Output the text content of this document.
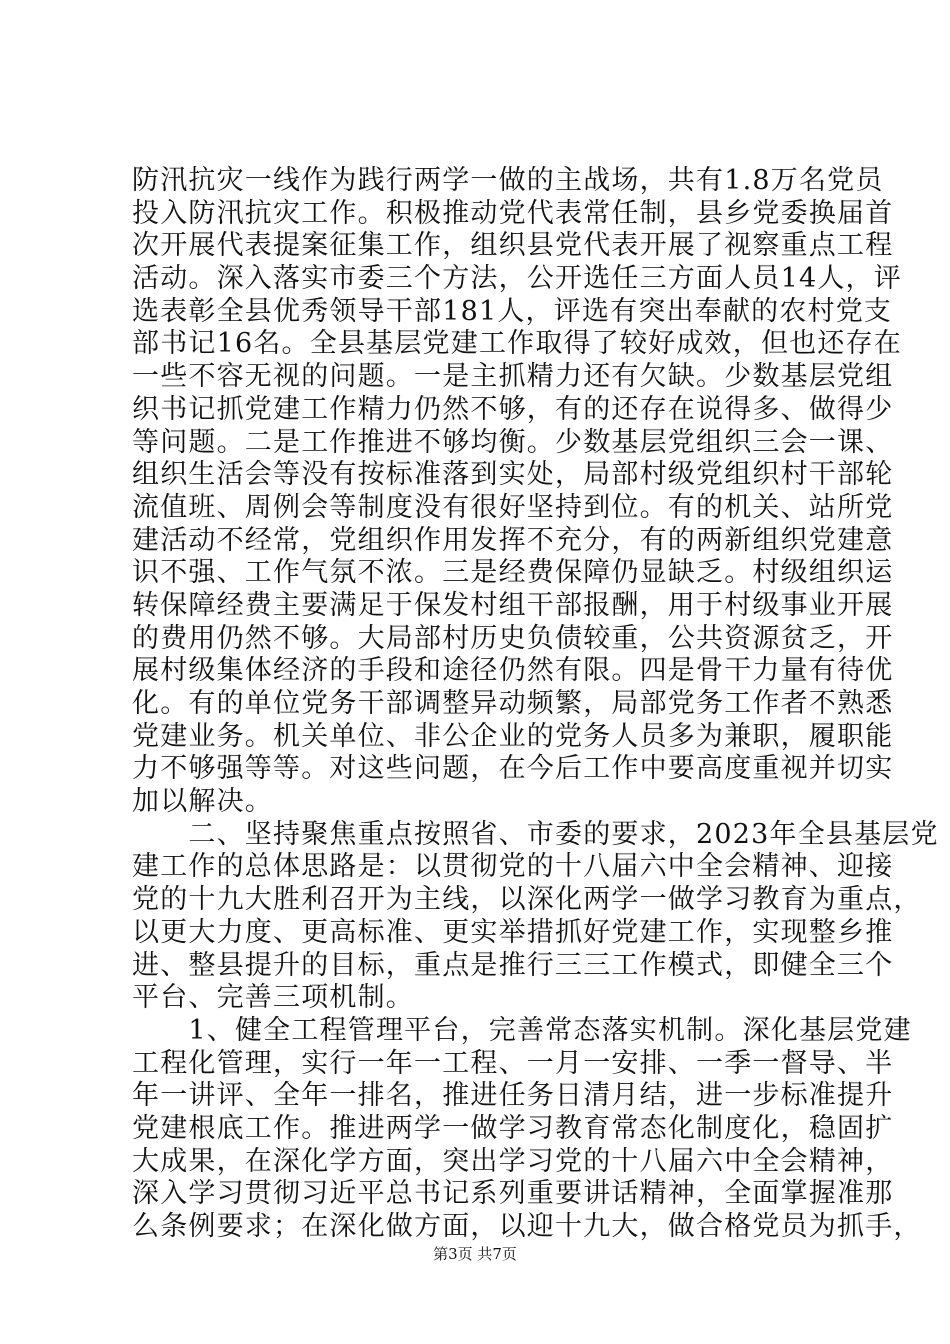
防汛抗灾一线作为践行两学一做的主战场，共有1.8万名党员
投入防汛抗灾工作。积极推动党代表常任制，县乡党委换届首
次开展代表提案征集工作，组织县党代表开展了视察重点工程
活动。深入落实市委三个方法，公开选任三方面人员14人，评
选表彰全县优秀领导干部181人，评选有突出奉献的农村党支
部书记16名。全县基层党建工作取得了较好成效，但也还存在
一些不容无视的问题。一是主抓精力还有欠缺。少数基层党组
织书记抓党建工作精力仍然不够，有的还存在说得多、做得少
等问题。二是工作推进不够均衡。少数基层党组织三会一课、
组织生活会等没有按标准落到实处，局部村级党组织村干部轮
流值班、周例会等制度没有很好坚持到位。有的机关、站所党
建活动不经常，党组织作用发挥不充分，有的两新组织党建意
识不强、工作气氛不浓。三是经费保障仍显缺乏。村级组织运
转保障经费主要满足于保发村组干部报酬，用于村级事业开展
的费用仍然不够。大局部村历史负债较重，公共资源贫乏，开
展村级集体经济的手段和途径仍然有限。四是骨干力量有待优
化。有的单位党务干部调整异动频繁，局部党务工作者不熟悉
党建业务。机关单位、非公企业的党务人员多为兼职，履职能
力不够强等等。对这些问题，在今后工作中要高度重视并切实
加以解决。
　　二、坚持聚焦重点按照省、市委的要求，2023年全县基层党
建工作的总体思路是：以贯彻党的十八届六中全会精神、迎接
党的十九大胜利召开为主线，以深化两学一做学习教育为重点，
以更大力度、更高标准、更实举措抓好党建工作，实现整乡推
进、整县提升的目标，重点是推行三三工作模式，即健全三个
平台、完善三项机制。
　　1、健全工程管理平台，完善常态落实机制。深化基层党建
工程化管理，实行一年一工程、一月一安排、一季一督导、半
年一讲评、全年一排名，推进任务日清月结，进一步标准提升
党建根底工作。推进两学一做学习教育常态化制度化，稳固扩
大成果，在深化学方面，突出学习党的十八届六中全会精神，
深入学习贯彻习近平总书记系列重要讲话精神，全面掌握准那
么条例要求；在深化做方面，以迎十九大，做合格党员为抓手，
第3页 共7页
